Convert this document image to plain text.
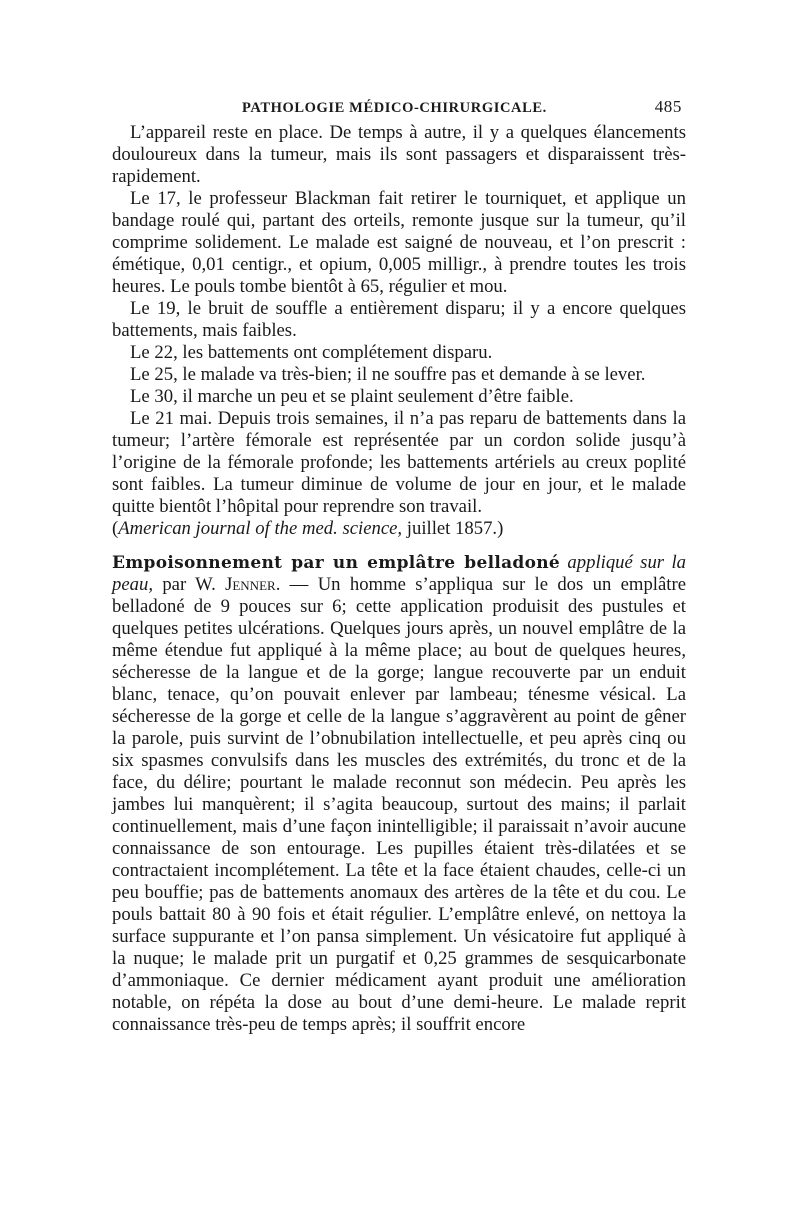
PATHOLOGIE MÉDICO-CHIRURGICALE.	485

L’appareil reste en place. De temps à autre, il y a quelques élancements douloureux dans la tumeur, mais ils sont passagers et disparaissent très-rapidement.

Le 17, le professeur Blackman fait retirer le tourniquet, et applique un bandage roulé qui, partant des orteils, remonte jusque sur la tumeur, qu’il comprime solidement. Le malade est saigné de nouveau, et l’on prescrit : émétique, 0,01 centigr., et opium, 0,005 milligr., à prendre toutes les trois heures. Le pouls tombe bientôt à 65, régulier et mou.

Le 19, le bruit de souffle a entièrement disparu; il y a encore quelques battements, mais faibles.

Le 22, les battements ont complétement disparu.

Le 25, le malade va très-bien; il ne souffre pas et demande à se lever.

Le 30, il marche un peu et se plaint seulement d’être faible.

Le 21 mai. Depuis trois semaines, il n’a pas reparu de battements dans la tumeur; l’artère fémorale est représentée par un cordon solide jusqu’à l’origine de la fémorale profonde; les battements artériels au creux poplité sont faibles. La tumeur diminue de volume de jour en jour, et le malade quitte bientôt l’hôpital pour reprendre son travail.
(American journal of the med. science, juillet 1857.)

Empoisonnement par un emplâtre belladoné appliqué sur la peau, par W. Jenner. — Un homme s’appliqua sur le dos un emplâtre belladoné de 9 pouces sur 6; cette application produisit des pustules et quelques petites ulcérations. Quelques jours après, un nouvel emplâtre de la même étendue fut appliqué à la même place; au bout de quelques heures, sécheresse de la langue et de la gorge; langue recouverte par un enduit blanc, tenace, qu’on pouvait enlever par lambeau; ténesme vésical. La sécheresse de la gorge et celle de la langue s’aggravèrent au point de gêner la parole, puis survint de l’obnubilation intellectuelle, et peu après cinq ou six spasmes convulsifs dans les muscles des extrémités, du tronc et de la face, du délire; pourtant le malade reconnut son médecin. Peu après les jambes lui manquèrent; il s’agita beaucoup, surtout des mains; il parlait continuellement, mais d’une façon inintelligible; il paraissait n’avoir aucune connaissance de son entourage. Les pupilles étaient très-dilatées et se contractaient incomplétement. La tête et la face étaient chaudes, celle-ci un peu bouffie; pas de battements anomaux des artères de la tête et du cou. Le pouls battait 80 à 90 fois et était régulier. L’emplâtre enlevé, on nettoya la surface suppurante et l’on pansa simplement. Un vésicatoire fut appliqué à la nuque; le malade prit un purgatif et 0,25 grammes de sesquicarbonate d’ammoniaque. Ce dernier médicament ayant produit une amélioration notable, on répéta la dose au bout d’une demi-heure. Le malade reprit connaissance très-peu de temps après; il souffrit encore
